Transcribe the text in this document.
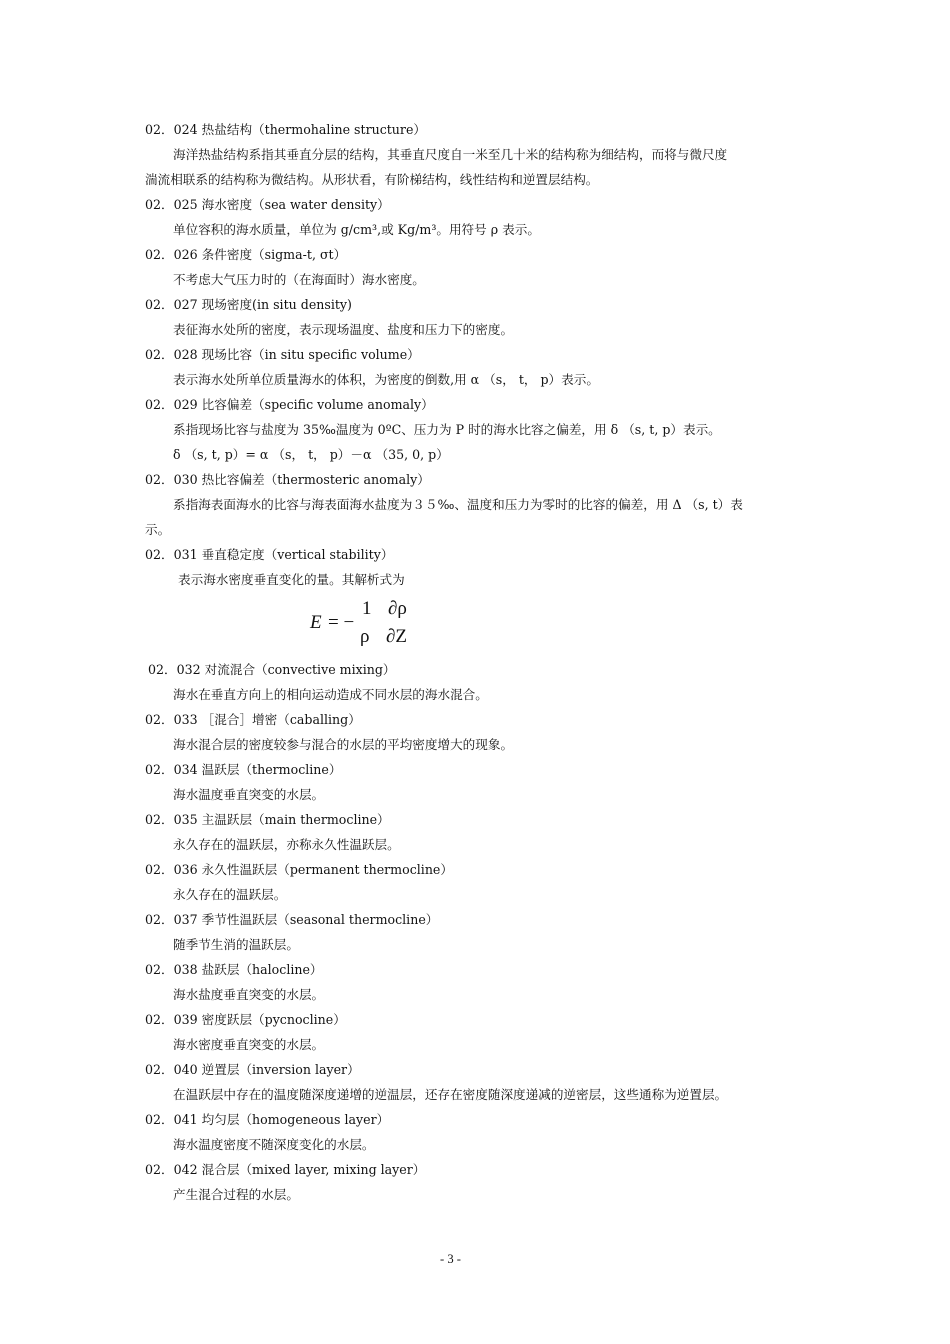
02．024 热盐结构（thermohaline structure）
海洋热盐结构系指其垂直分层的结构，其垂直尺度自一米至几十米的结构称为细结构，而将与微尺度
湍流相联系的结构称为微结构。从形状看，有阶梯结构，线性结构和逆置层结构。
02．025 海水密度（sea water density）
单位容积的海水质量，单位为 g/cm³,或 Kg/m³。用符号 ρ 表示。
02．026 条件密度（sigma-t, σt）
不考虑大气压力时的（在海面时）海水密度。
02．027 现场密度(in situ density)
表征海水处所的密度，表示现场温度、盐度和压力下的密度。
02．028 现场比容（in situ specific volume）
表示海水处所单位质量海水的体积，为密度的倒数,用 α （s， t， p）表示。
02．029 比容偏差（specific volume anomaly）
系指现场比容与盐度为 35‰温度为 0ºC、压力为 P 时的海水比容之偏差，用 δ （s, t, p）表示。
δ （s, t, p）= α （s， t， p）－α （35, 0, p）
02．030 热比容偏差（thermosteric anomaly）
系指海表面海水的比容与海表面海水盐度为３５‰、温度和压力为零时的比容的偏差，用 Δ （s, t）表
示。
02．031 垂直稳定度（vertical stability）
表示海水密度垂直变化的量。其解析式为
E = −
1 ∂ρ
ρ ∂Z
02．032 对流混合（convective mixing）
海水在垂直方向上的相向运动造成不同水层的海水混合。
02．033 ［混合］增密（caballing）
海水混合层的密度较参与混合的水层的平均密度增大的现象。
02．034 温跃层（thermocline）
海水温度垂直突变的水层。
02．035 主温跃层（main thermocline）
永久存在的温跃层，亦称永久性温跃层。
02．036 永久性温跃层（permanent thermocline）
永久存在的温跃层。
02．037 季节性温跃层（seasonal thermocline）
随季节生消的温跃层。
02．038 盐跃层（halocline）
海水盐度垂直突变的水层。
02．039 密度跃层（pycnocline）
海水密度垂直突变的水层。
02．040 逆置层（inversion layer）
在温跃层中存在的温度随深度递增的逆温层，还存在密度随深度递减的逆密层，这些通称为逆置层。
02．041 均匀层（homogeneous layer）
海水温度密度不随深度变化的水层。
02．042 混合层（mixed layer, mixing layer）
产生混合过程的水层。
- 3 -
